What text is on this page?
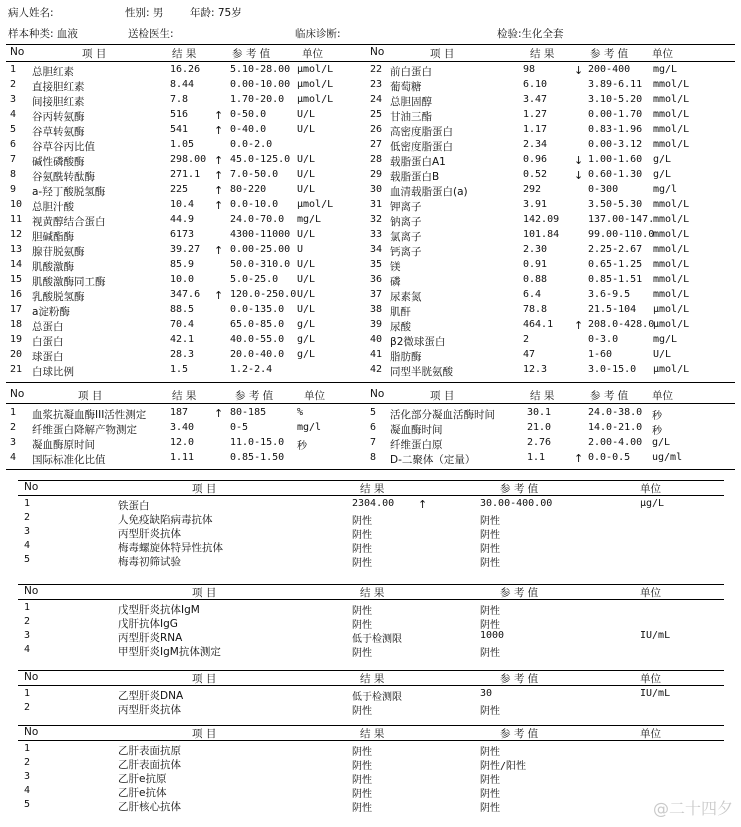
病人姓名:	性别: 男	年龄: 75岁
样本种类: 血液	送检医生:	临床诊断:	检验:生化全套
No	项 目	结 果	参 考 值	单位	No	项 目	结 果	参 考 值 单位
1 总胆红素	16.26	5.10-28.00 μmol/L
2 直接胆红素	8.44	0.00-10.00 μmol/L
3 间接胆红素	7.8	1.70-20.0 μmol/L
4 谷丙转氨酶	516 ↑ 0-50.0	U/L
5 谷草转氨酶	541 ↑ 0-40.0	U/L
6 谷草谷丙比值	1.05	0.0-2.0
7 碱性磷酸酶	298.00 ↑ 45.0-125.0 U/L
8 谷氨酰转酞酶	271.1 ↑ 7.0-50.0 U/L
9 a-羟丁酸脱氢酶	225 ↑ 80-220	U/L
10 总胆汁酸	10.4 ↑ 0.0-10.0 μmol/L
11 视黄醇结合蛋白	44.9	24.0-70.0 mg/L
12 胆碱酯酶	6173	4300-11000 U/L
13 腺苷脱氨酶	39.27 ↑ 0.00-25.00 U
14 肌酸激酶	85.9	50.0-310.0 U/L
15 肌酸激酶同工酶	10.0	5.0-25.0 U/L
16 乳酸脱氢酶	347.6 ↑ 120.0-250.0 U/L
17 a淀粉酶	88.5	0.0-135.0 U/L
18 总蛋白	70.4	65.0-85.0 g/L
19 白蛋白	42.1	40.0-55.0 g/L
20 球蛋白	28.3	20.0-40.0 g/L
21 白球比例	1.5	1.2-2.4
22 前白蛋白	98	↓ 200-400 mg/L
23 葡萄糖	6.10	3.89-6.11 mmol/L
24 总胆固醇	3.47	3.10-5.20 mmol/L
25 甘油三酯	1.27	0.00-1.70 mmol/L
26 高密度脂蛋白	1.17	0.83-1.96 mmol/L
27 低密度脂蛋白	2.34	0.00-3.12 mmol/L
28 载脂蛋白A1	0.96 ↓ 1.00-1.60 g/L
29 载脂蛋白B	0.52 ↓ 0.60-1.30 g/L
30 血清载脂蛋白(a)	292	0-300	mg/l
31 钾离子	3.91	3.50-5.30 mmol/L
32 钠离子	142.09	137.00-147.
mmol/L
33 氯离子	101.84	99.00-110.0
mmol/L
34 钙离子	2.30	2.25-2.67 mmol/L
35 镁	0.91	0.65-1.25 mmol/L
36 磷	0.88	0.85-1.51 mmol/L
37 尿素氮	6.4	3.6-9.5 mmol/L
38 肌酐	78.8	21.5-104 μmol/L
39 尿酸	464.1 ↑ 208.0-428.0
μmol/L
40 β2微球蛋白	2	0-3.0	mg/L
41 脂肪酶	47	1-60	U/L
42 同型半胱氨酸	12.3	3.0-15.0 μmol/L
No	项 目	结 果	参 考 值	单位	No	项 目	结 果	参 考 值 单位
1 血浆抗凝血酶III活性测定 187 ↑ 80-185	%
2 纤维蛋白降解产物测定	3.40	0-5	mg/l
3 凝血酶原时间	12.0	11.0-15.0 秒
4 国际标准化比值	1.11	0.85-1.50
5 活化部分凝血活酶时间	30.1	24.0-38.0 秒
6 凝血酶时间	21.0	14.0-21.0 秒
7 纤维蛋白原	2.76	2.00-4.00 g/L
8 D-二聚体（定量）	1.1	↑ 0.0-0.5 ug/ml
No	项 目	结 果	参 考 值	单位
1	铁蛋白	2304.00 ↑	30.00-400.00	μg/L
2	人免疫缺陷病毒抗体	阴性	阴性
3	丙型肝炎抗体	阴性	阴性
4	梅毒螺旋体特异性抗体	阴性	阴性
5	梅毒初筛试验	阴性	阴性
No	项 目	结 果	参 考 值	单位
1	戊型肝炎抗体IgM	阴性	阴性
2	戊肝抗体IgG	阴性	阴性
3	丙型肝炎RNA	低于检测限	1000	IU/mL
4	甲型肝炎IgM抗体测定	阴性	阴性
No	项 目	结 果	参 考 值	单位
1	乙型肝炎DNA	低于检测限	30	IU/mL
2	丙型肝炎抗体	阴性	阴性
No	项 目	结 果	参 考 值	单位
1	乙肝表面抗原	阴性	阴性
2	乙肝表面抗体	阴性	阴性/阳性
3	乙肝e抗原	阴性	阴性
4	乙肝e抗体	阴性	阴性
5	乙肝核心抗体	阴性	阴性	@二十四夕
